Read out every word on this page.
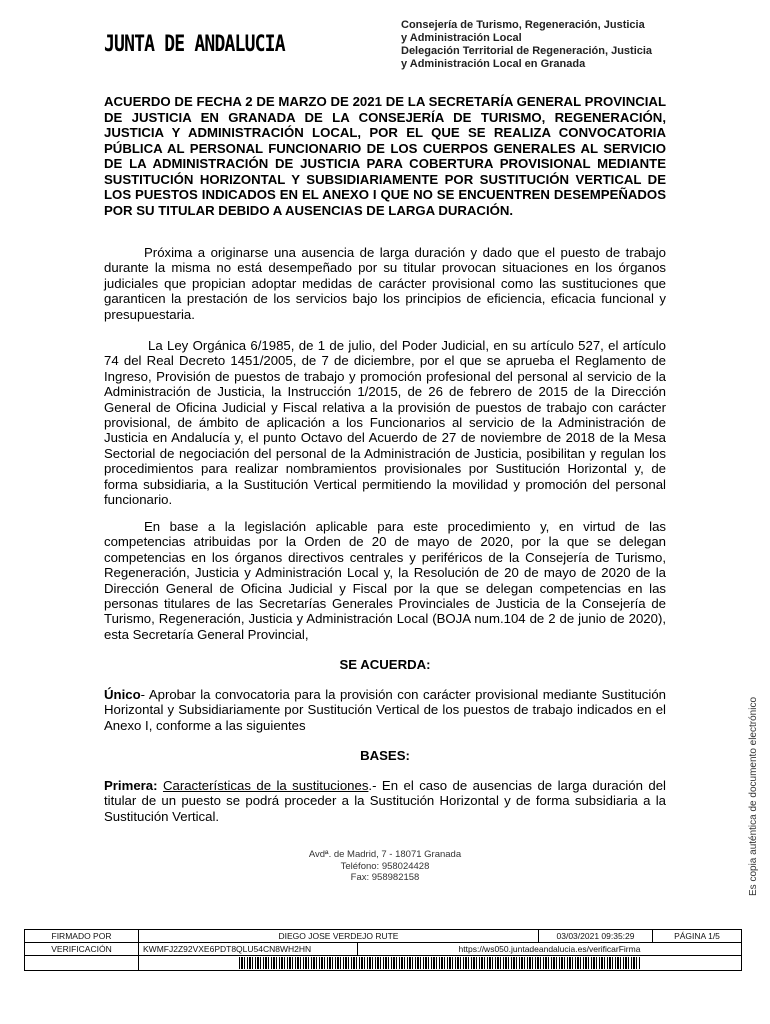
JUNTA DE ANDALUCIA
Consejería de Turismo, Regeneración, Justicia
y Administración Local
Delegación Territorial de Regeneración, Justicia
y Administración Local en Granada
ACUERDO DE FECHA 2 DE MARZO DE 2021 DE LA SECRETARÍA GENERAL PROVINCIAL DE JUSTICIA EN GRANADA DE LA CONSEJERÍA DE TURISMO, REGENERACIÓN, JUSTICIA Y ADMINISTRACIÓN LOCAL, POR EL QUE SE REALIZA CONVOCATORIA PÚBLICA AL PERSONAL FUNCIONARIO DE LOS CUERPOS GENERALES AL SERVICIO DE LA ADMINISTRACIÓN DE JUSTICIA PARA COBERTURA PROVISIONAL MEDIANTE SUSTITUCIÓN HORIZONTAL Y SUBSIDIARIAMENTE POR SUSTITUCIÓN VERTICAL DE LOS PUESTOS INDICADOS EN EL ANEXO I QUE NO SE ENCUENTREN DESEMPEÑADOS POR SU TITULAR DEBIDO A AUSENCIAS DE LARGA DURACIÓN.

Próxima a originarse una ausencia de larga duración y dado que el puesto de trabajo durante la misma no está desempeñado por su titular provocan situaciones en los órganos judiciales que propician adoptar medidas de carácter provisional como las sustituciones que garanticen la prestación de los servicios bajo los principios de eficiencia, eficacia funcional y presupuestaria.

La Ley Orgánica 6/1985, de 1 de julio, del Poder Judicial, en su artículo 527, el artículo 74 del Real Decreto 1451/2005, de 7 de diciembre, por el que se aprueba el Reglamento de Ingreso, Provisión de puestos de trabajo y promoción profesional del personal al servicio de la Administración de Justicia, la Instrucción 1/2015, de 26 de febrero de 2015 de la Dirección General de Oficina Judicial y Fiscal relativa a la provisión de puestos de trabajo con carácter provisional, de ámbito de aplicación a los Funcionarios al servicio de la Administración de Justicia en Andalucía y, el punto Octavo del Acuerdo de 27 de noviembre de 2018 de la Mesa Sectorial de negociación del personal de la Administración de Justicia, posibilitan y regulan los procedimientos para realizar nombramientos provisionales por Sustitución Horizontal y, de forma subsidiaria, a la Sustitución Vertical permitiendo la movilidad y promoción del personal funcionario.

En base a la legislación aplicable para este procedimiento y, en virtud de las competencias atribuidas por la Orden de 20 de mayo de 2020, por la que se delegan competencias en los órganos directivos centrales y periféricos de la Consejería de Turismo, Regeneración, Justicia y Administración Local y, la Resolución de 20 de mayo de 2020 de la Dirección General de Oficina Judicial y Fiscal por la que se delegan competencias en las personas titulares de las Secretarías Generales Provinciales de Justicia de la Consejería de Turismo, Regeneración, Justicia y Administración Local (BOJA num.104 de 2 de junio de 2020), esta Secretaría General Provincial,

SE ACUERDA:

Único- Aprobar la convocatoria para la provisión con carácter provisional mediante Sustitución Horizontal y Subsidiariamente por Sustitución Vertical de los puestos de trabajo indicados en el Anexo I, conforme a las siguientes

BASES:

Primera: Características de la sustituciones.- En el caso de ausencias de larga duración del titular de un puesto se podrá proceder a la Sustitución Horizontal y de forma subsidiaria a la Sustitución Vertical.

Avdª. de Madrid, 7 - 18071 Granada
Teléfono: 958024428
Fax: 958982158	Es copia auténtica de documento electrónico
FIRMADO POR	DIEGO JOSE VERDEJO RUTE		03/03/2021 09:35:29	PÁGINA 1/5
VERIFICACIÓN	KWMFJ2Z92VXE6PDT8QLU54CN8WH2HN	https://ws050.juntadeandalucia.es/verificarFirma		
